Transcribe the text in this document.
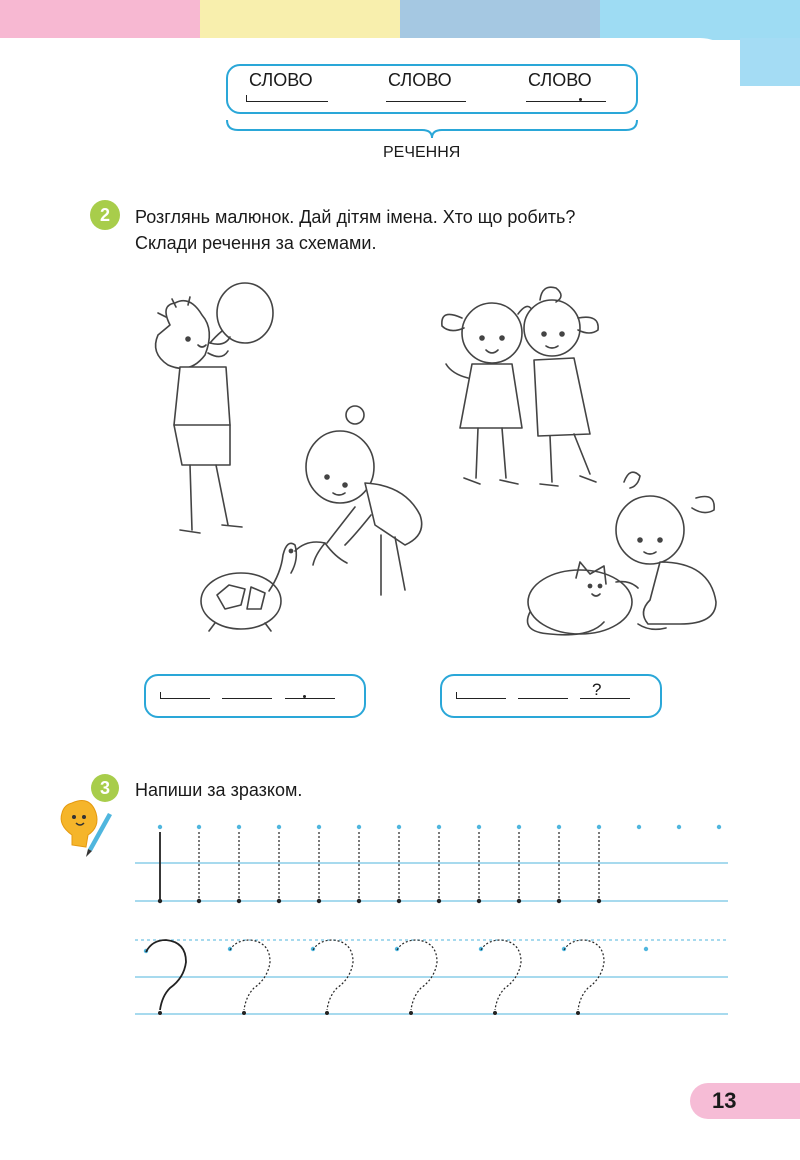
СЛОВО	СЛОВО	СЛОВО
РЕЧЕННЯ
2	Розглянь малюнок. Дай дітям імена. Хто що робить?
Склади речення за схемами.
?
3	Напиши за зразком.
13
